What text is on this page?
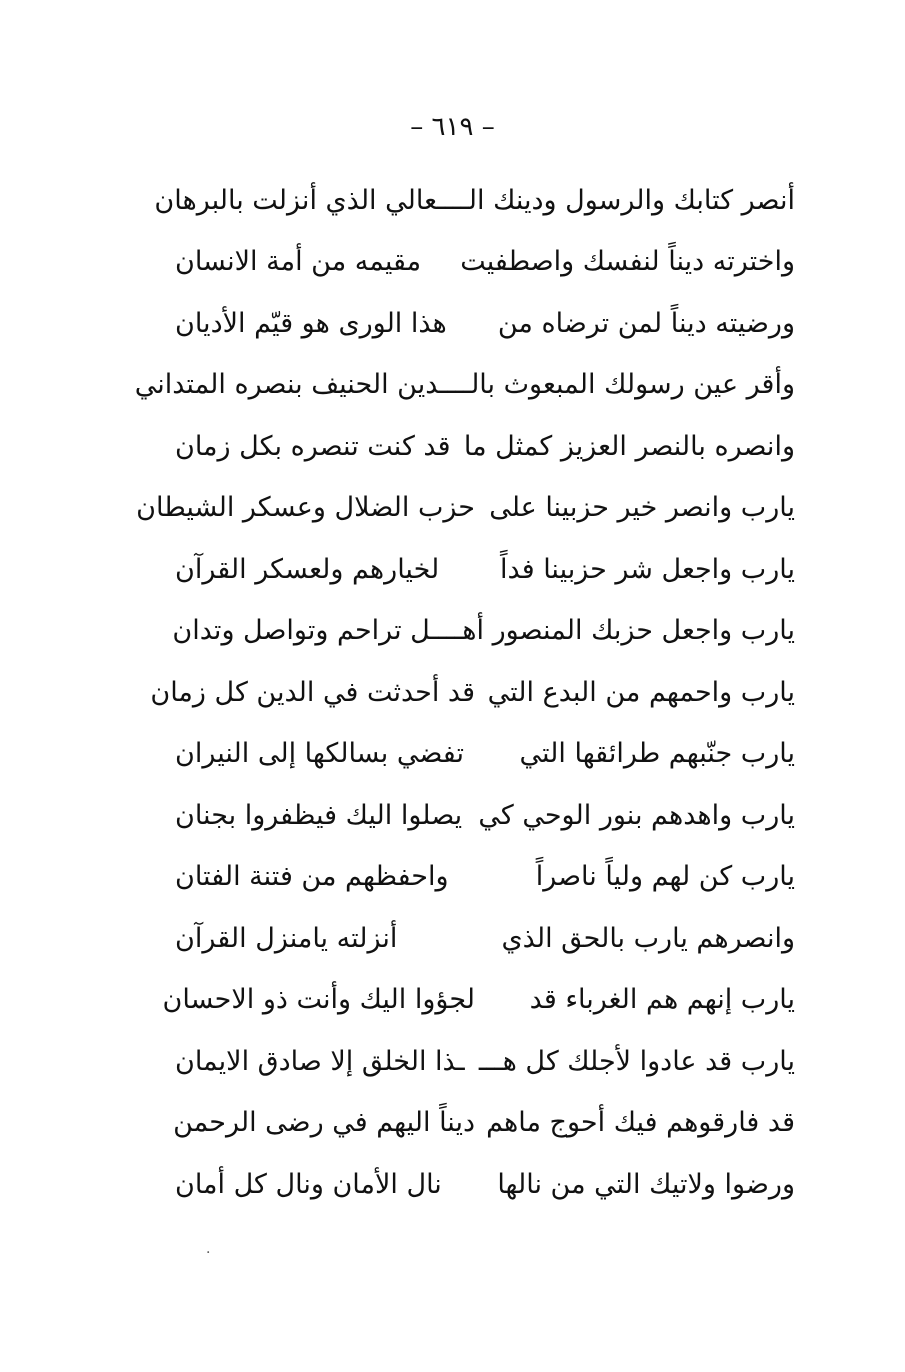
– ٦١٩ –
أنصر كتابك والرسول ودينك الـــ
ـعالي الذي أنزلت بالبرهان
واخترته ديناً لنفسك واصطفيت
مقيمه من أمة الانسان
ورضيته ديناً لمن ترضاه من
هذا الورى هو قيّم الأديان
وأقر عين رسولك المبعوث بالـــ
ـدين الحنيف بنصره المتداني
وانصره بالنصر العزيز كمثل ما
قد كنت تنصره بكل زمان
يارب وانصر خير حزبينا على
حزب الضلال وعسكر الشيطان
يارب واجعل شر حزبينا فداً
لخيارهم ولعسكر القرآن
يارب واجعل حزبك المنصور أهـــ
ـل تراحم وتواصل وتدان
يارب واحمهم من البدع التي
قد أحدثت في الدين كل زمان
يارب جنّبهم طرائقها التي
تفضي بسالكها إلى النيران
يارب واهدهم بنور الوحي كي
يصلوا اليك فيظفروا بجنان
يارب كن لهم ولياً ناصراً
واحفظهم من فتنة الفتان
وانصرهم يارب بالحق الذي
أنزلته يامنزل القرآن
يارب إنهم هم الغرباء قد
لجؤوا اليك وأنت ذو الاحسان
يارب قد عادوا لأجلك كل هـــ
ـذا الخلق إلا صادق الايمان
قد فارقوهم فيك أحوج ماهم
ديناً اليهم في رضى الرحمن
ورضوا ولاتيك التي من نالها
نال الأمان ونال كل أمان
·
